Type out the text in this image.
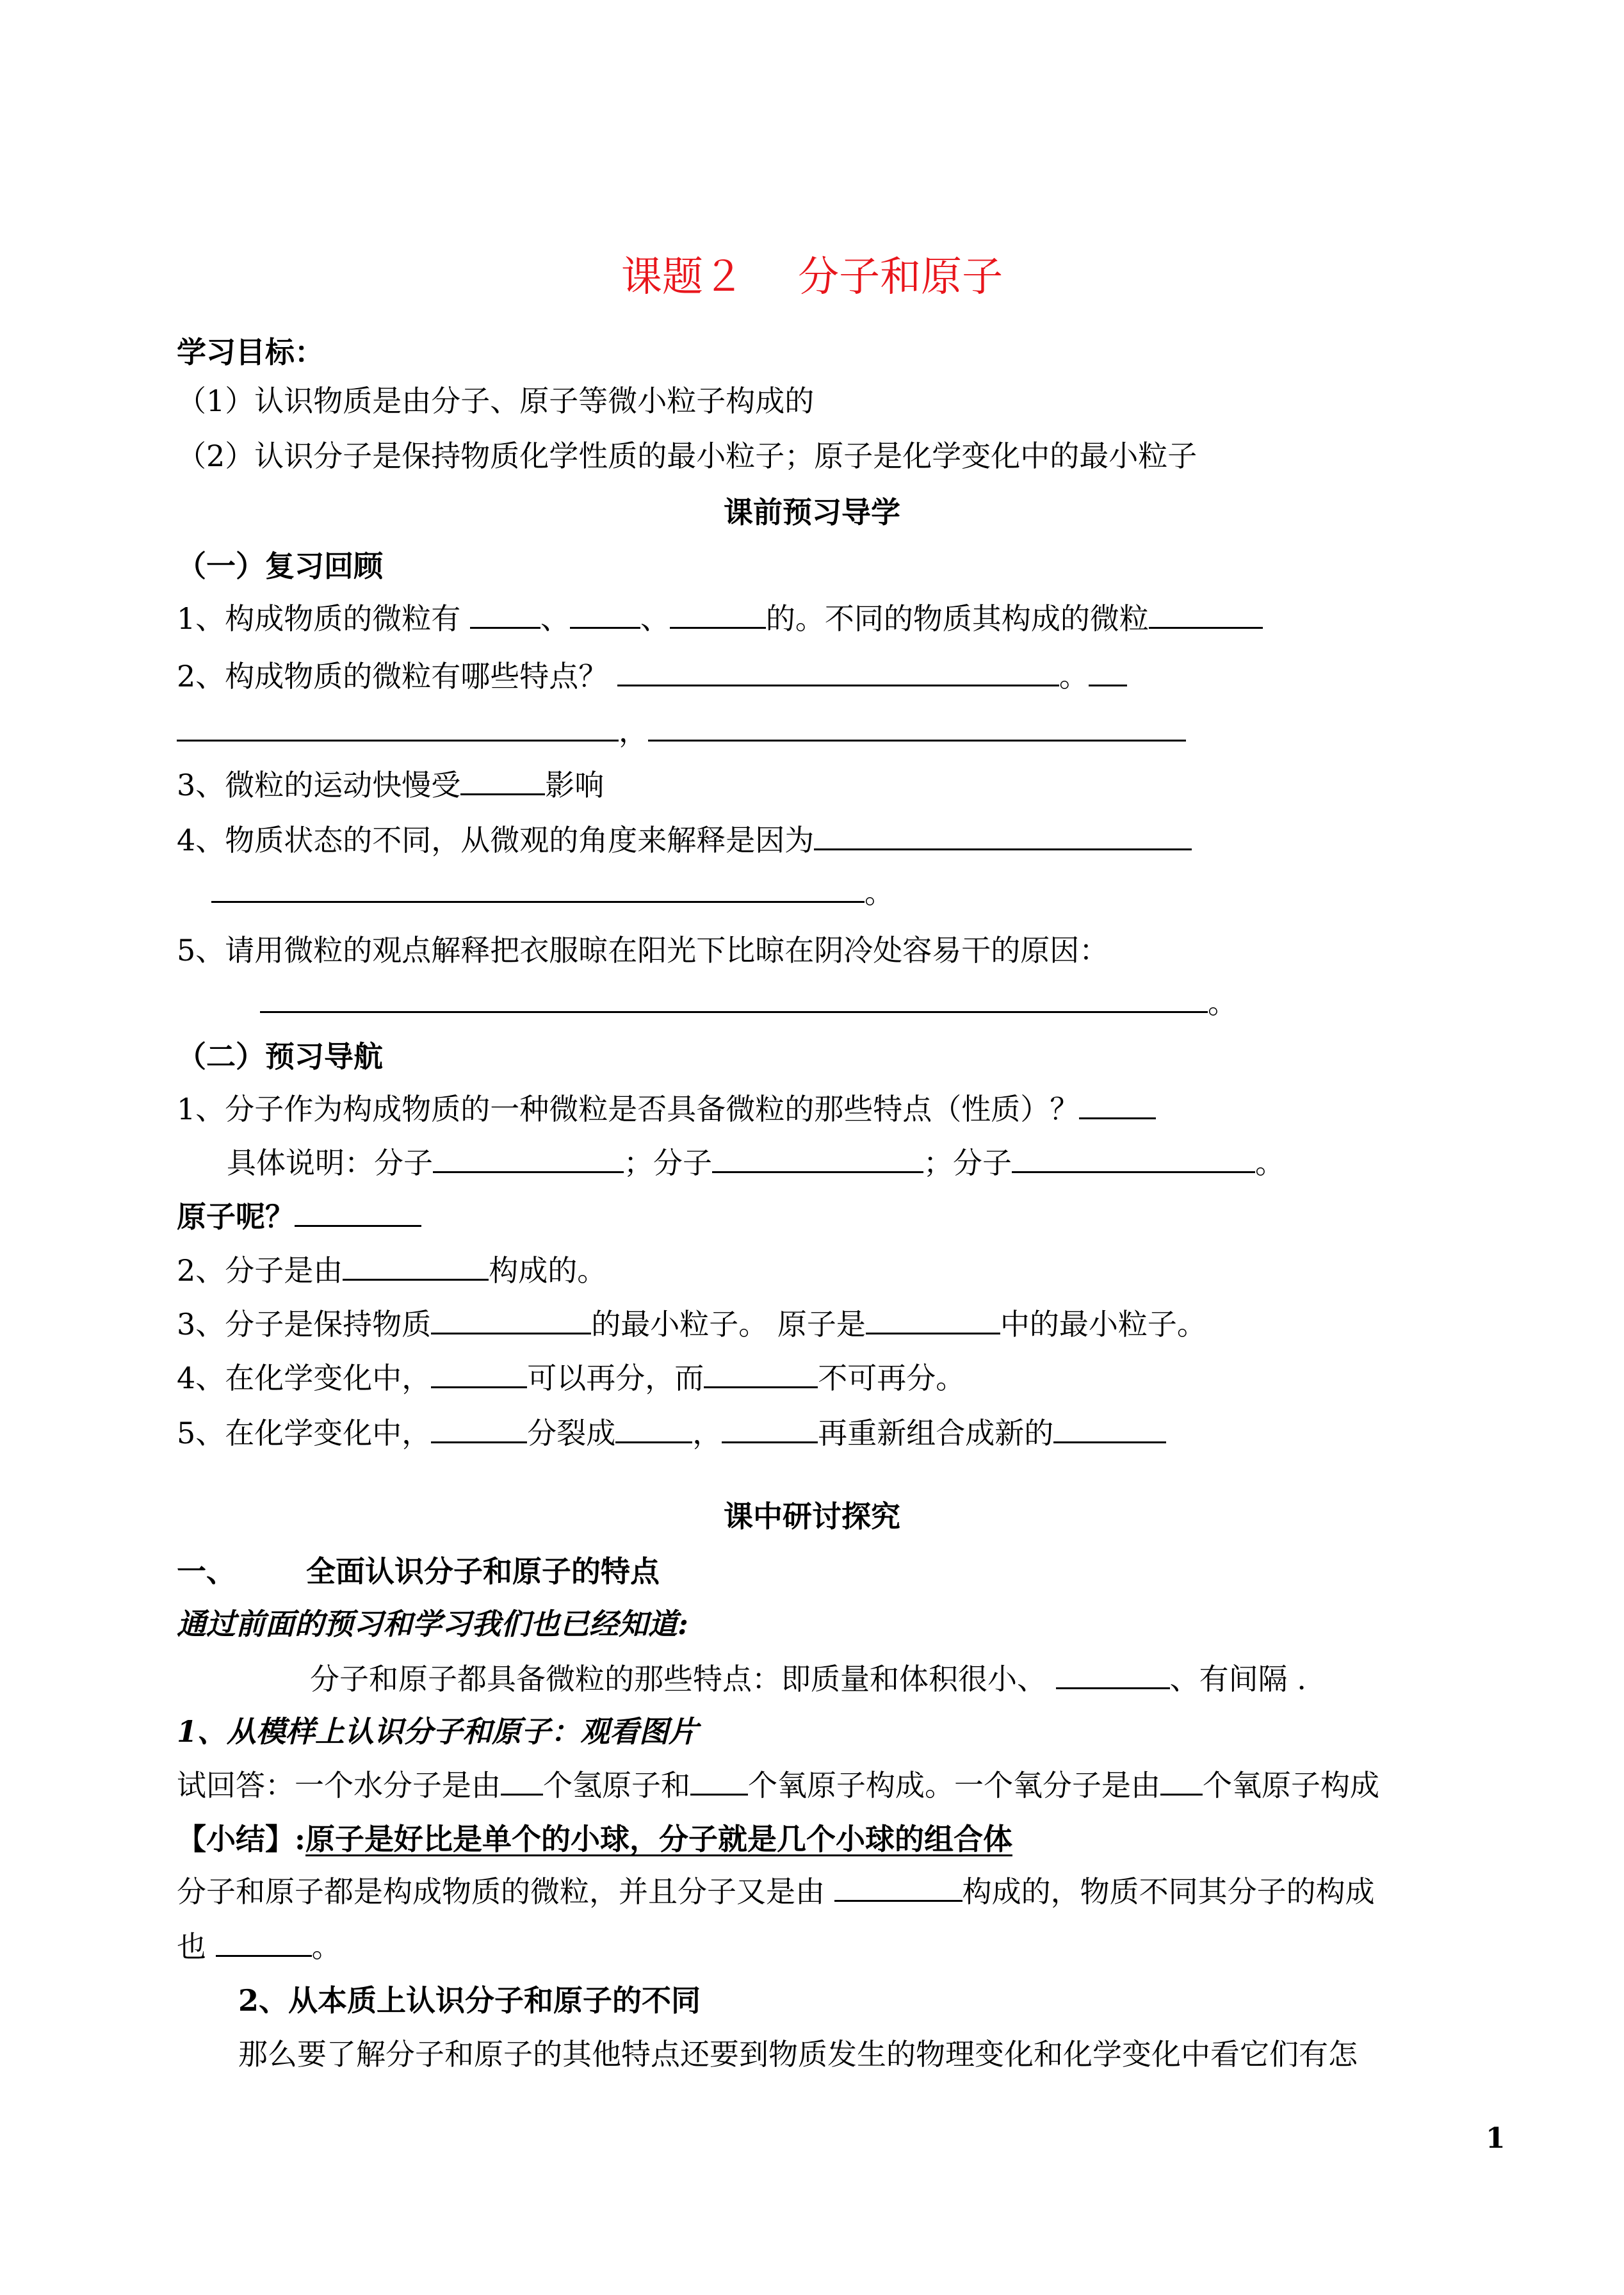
课题２　 分子和原子
学习目标：
（1）认识物质是由分子、原子等微小粒子构成的
（2）认识分子是保持物质化学性质的最小粒子；原子是化学变化中的最小粒子
课前预习导学
（一）复习回顾
1、构成物质的微粒有	、 、	的。不同的物质其构成的微粒
2、构成物质的微粒有哪些特点？	。
，
3、微粒的运动快慢受	影响
4、物质状态的不同，从微观的角度来解释是因为
。
5、请用微粒的观点解释把衣服晾在阳光下比晾在阴冷处容易干的原因：
。
（二）预习导航
1、分子作为构成物质的一种微粒是否具备微粒的那些特点（性质）？
具体说明：分子	；分子	；分子	。
原子呢？
2、分子是由	构成的。
3、分子是保持物质	的最小粒子。 原子是	中的最小粒子。
4、在化学变化中，	可以再分，而	不可再分。
5、在化学变化中，	分裂成	，	再重新组合成新的
课中研讨探究
一、 全面认识分子和原子的特点
通过前面的预习和学习我们也已经知道:
分子和原子都具备微粒的那些特点：即质量和体积很小、	、有间隔 .
1、从模样上认识分子和原子：观看图片
试回答：一个水分子是由 个氢原子和 个氧原子构成。一个氧分子是由 个氧原子构成
【小结】:原子是好比是单个的小球，分子就是几个小球的组合体
分子和原子都是构成物质的微粒，并且分子又是由	构成的，物质不同其分子的构成
也	。
2、从本质上认识分子和原子的不同
那么要了解分子和原子的其他特点还要到物质发生的物理变化和化学变化中看它们有怎
1
